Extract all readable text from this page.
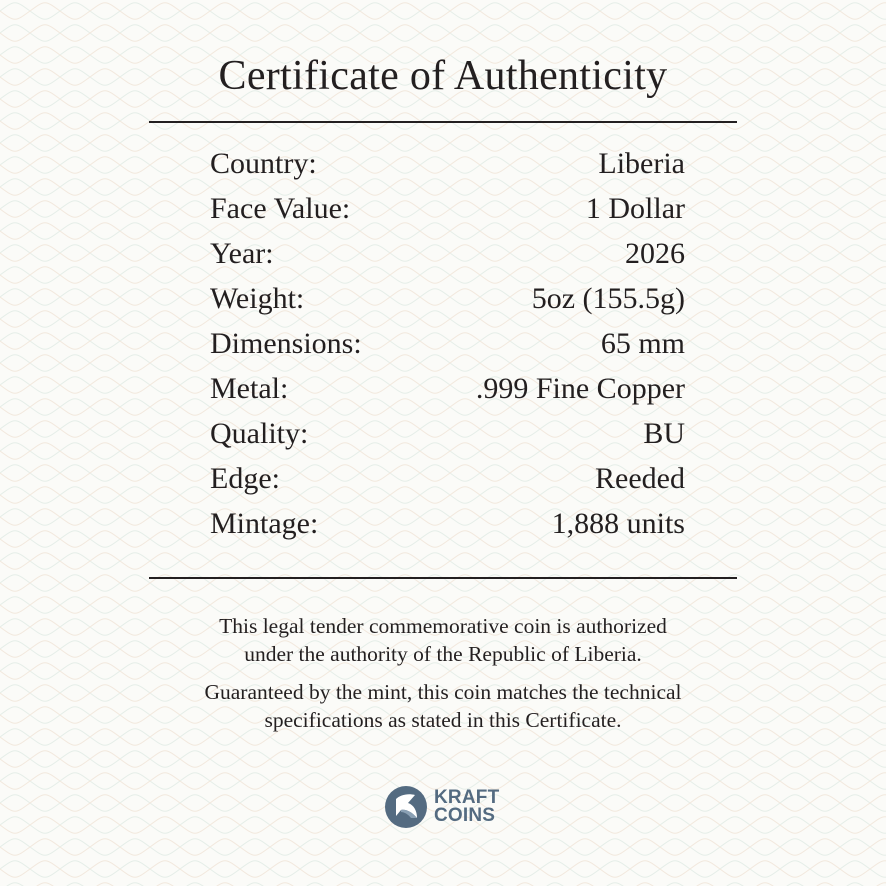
Certificate of Authenticity
Country:	Liberia
Face Value:	1 Dollar
Year:	2026
Weight:	5oz (155.5g)
Dimensions:	65 mm
Metal:	.999 Fine Copper
Quality:	BU
Edge:	Reeded
Mintage:	1,888 units

This legal tender commemorative coin is authorized
under the authority of the Republic of Liberia.

Guaranteed by the mint, this coin matches the technical
specifications as stated in this Certificate.

KRAFT
COINS
